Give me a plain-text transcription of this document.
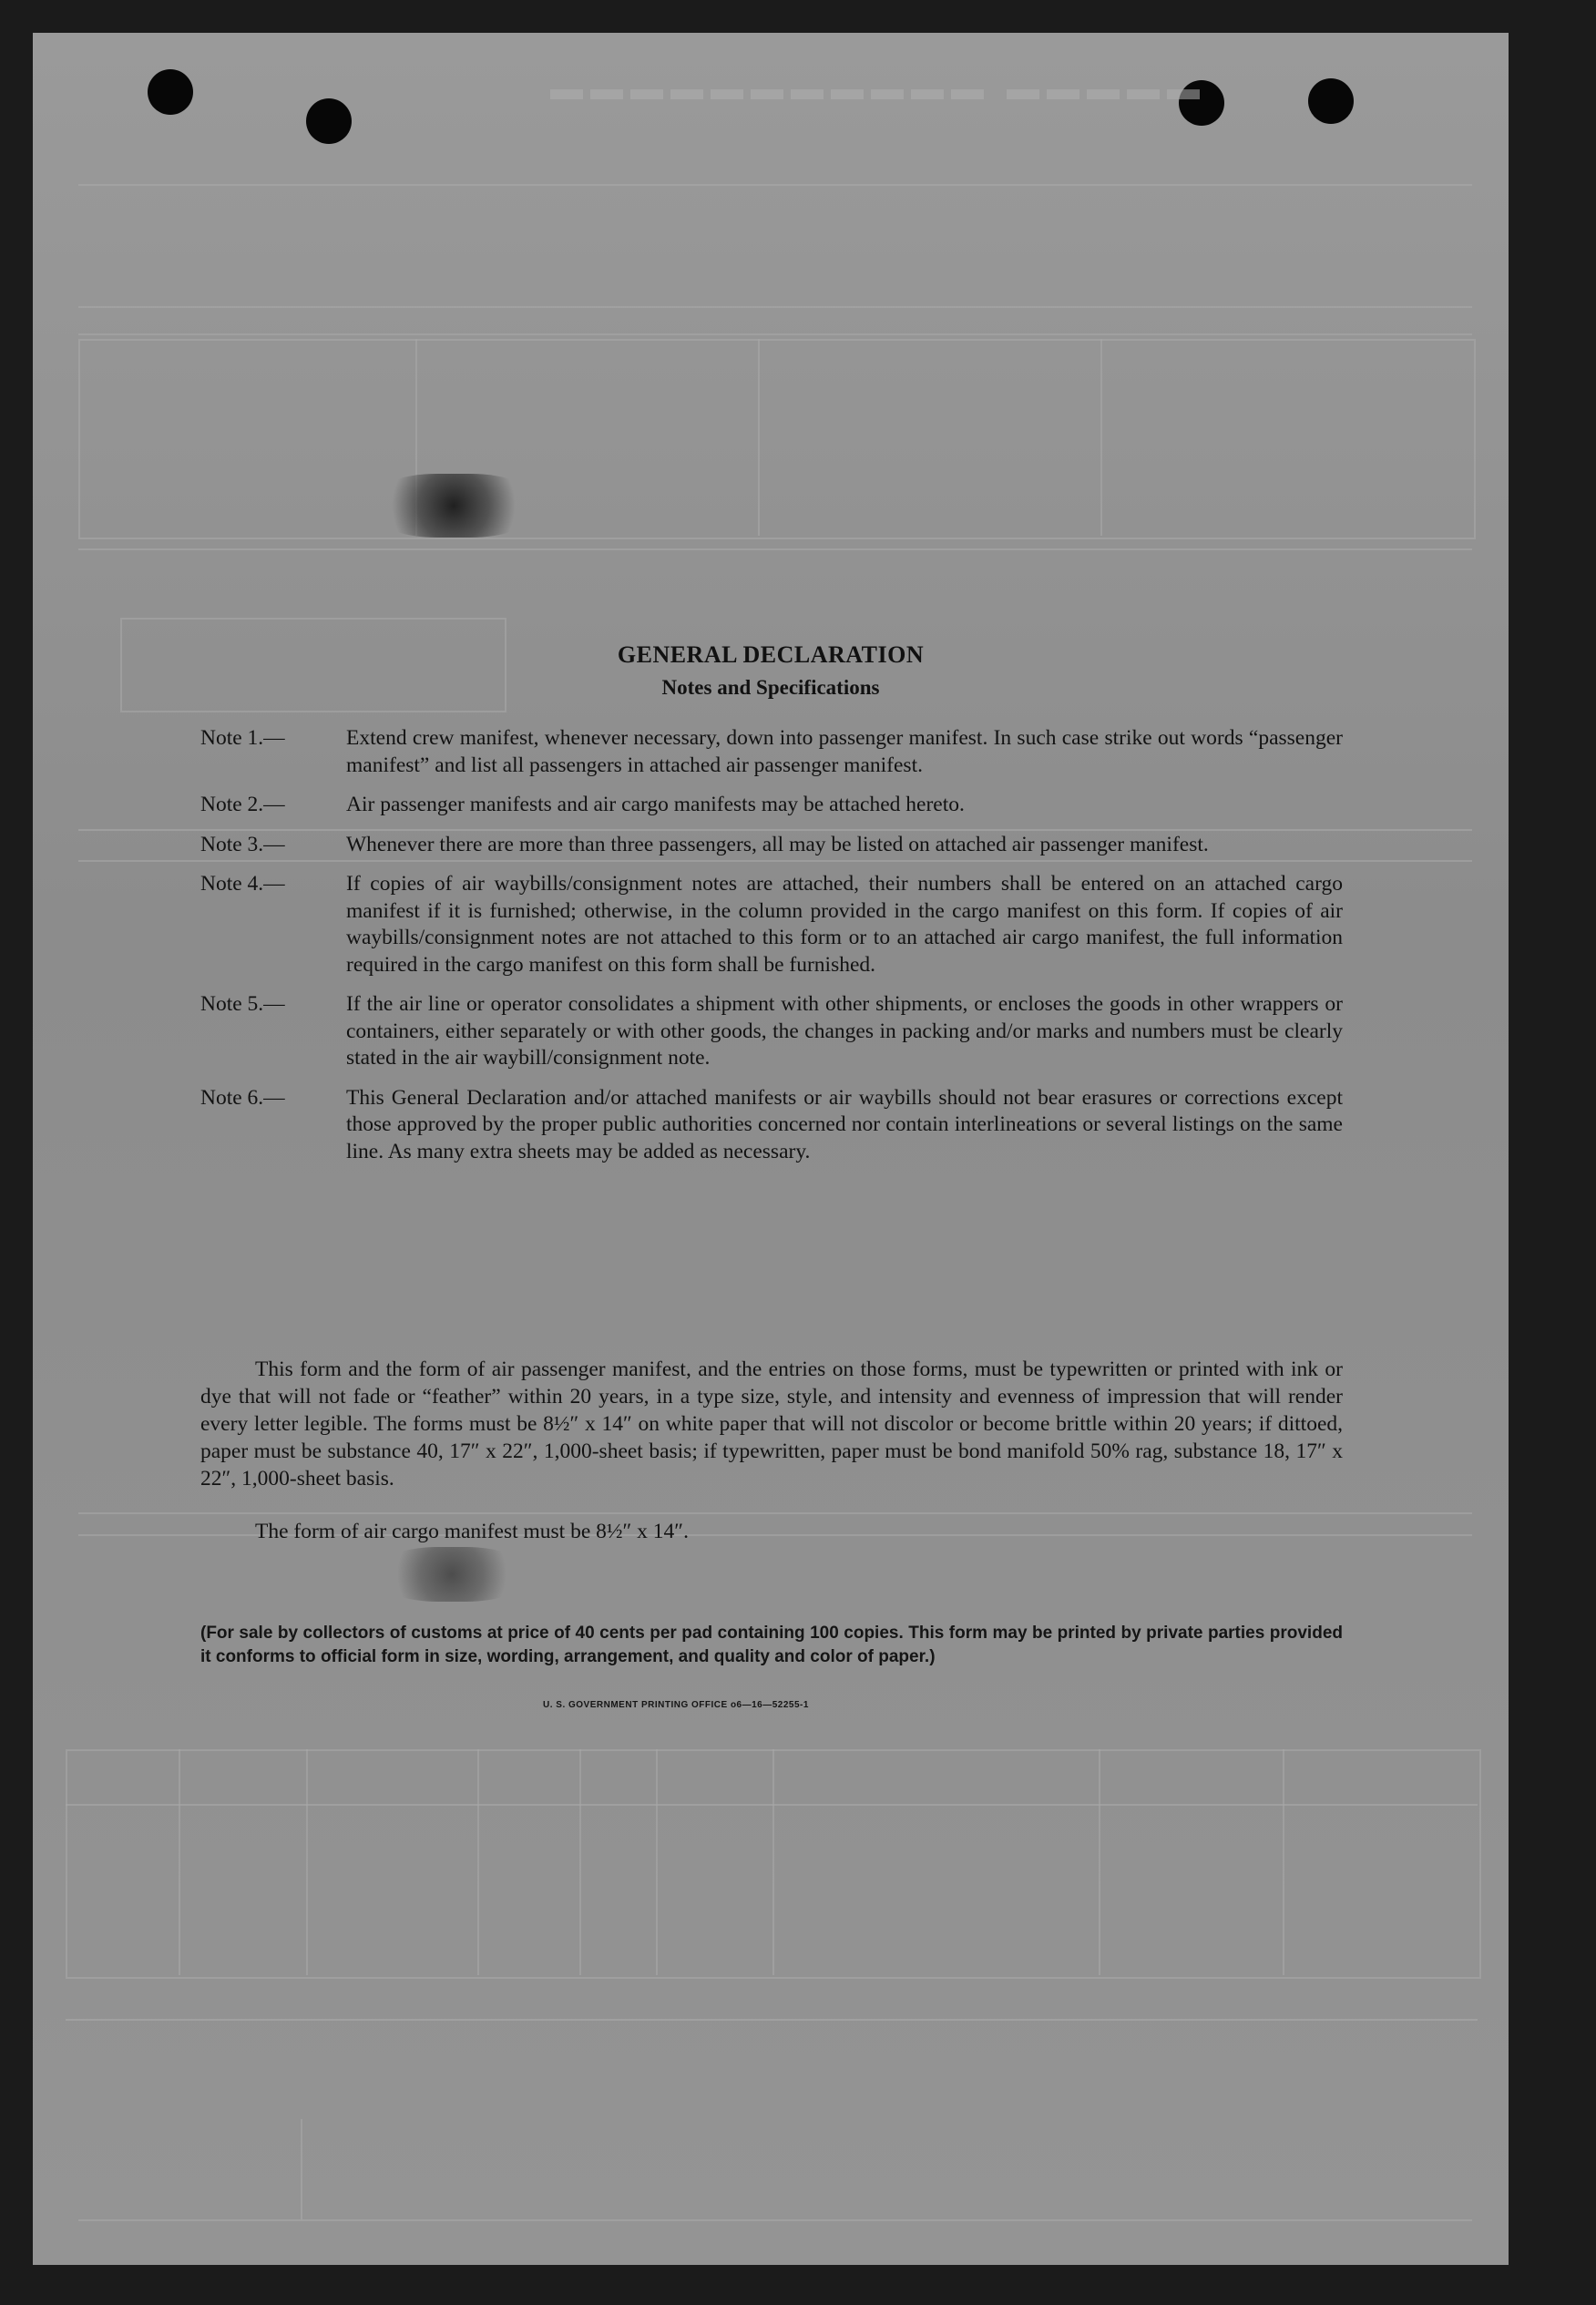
▬▬▬▬▬ ▬▬▬▬▬▬▬▬▬▬▬
GENERAL DECLARATION
Notes and Specifications
Note 1.—	Extend crew manifest, whenever necessary, down into passenger manifest. In such case strike out words “passenger manifest” and list all passengers in attached air passenger manifest.
Note 2.—	Air passenger manifests and air cargo manifests may be attached hereto.
Note 3.—	Whenever there are more than three passengers, all may be listed on attached air passenger manifest.
Note 4.—	If copies of air waybills/consignment notes are attached, their numbers shall be entered on an attached cargo manifest if it is furnished; otherwise, in the column provided in the cargo manifest on this form. If copies of air waybills/consignment notes are not attached to this form or to an attached air cargo manifest, the full information required in the cargo manifest on this form shall be furnished.
Note 5.—	If the air line or operator consolidates a shipment with other shipments, or encloses the goods in other wrappers or containers, either separately or with other goods, the changes in packing and/or marks and numbers must be clearly stated in the air waybill/consignment note.
Note 6.—	This General Declaration and/or attached manifests or air waybills should not bear erasures or corrections except those approved by the proper public authorities concerned nor contain interlineations or several listings on the same line. As many extra sheets may be added as necessary.
This form and the form of air passenger manifest, and the entries on those forms, must be typewritten or printed with ink or dye that will not fade or “feather” within 20 years, in a type size, style, and intensity and evenness of impression that will render every letter legible. The forms must be 8½″ x 14″ on white paper that will not discolor or become brittle within 20 years; if dittoed, paper must be substance 40, 17″ x 22″, 1,000-sheet basis; if typewritten, paper must be bond manifold 50% rag, substance 18, 17″ x 22″, 1,000-sheet basis.
The form of air cargo manifest must be 8½″ x 14″.
(For sale by collectors of customs at price of 40 cents per pad containing 100 copies. This form may be printed by private parties provided it conforms to official form in size, wording, arrangement, and quality and color of paper.)
U. S. GOVERNMENT PRINTING OFFICE o6—16—52255-1
